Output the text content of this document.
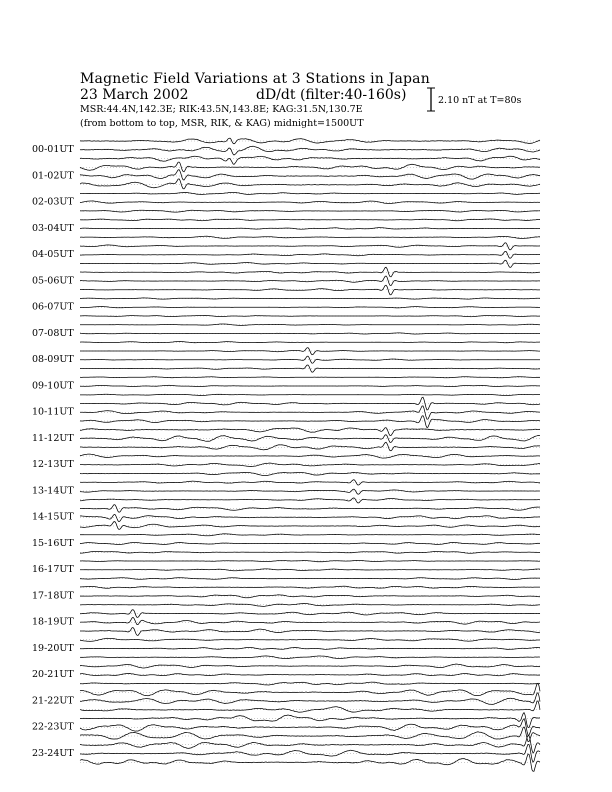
Magnetic Field Variations at 3 Stations in Japan
23 March 2002	dD/dt (filter:40-160s)
MSR:44.4N,142.3E; RIK:43.5N,143.8E; KAG:31.5N,130.7E
(from bottom to top, MSR, RIK, & KAG) midnight=1500UT
2.10 nT at T=80s
00-01UT
01-02UT
02-03UT
03-04UT
04-05UT
05-06UT
06-07UT
07-08UT
08-09UT
09-10UT
10-11UT
11-12UT
12-13UT
13-14UT
14-15UT
15-16UT
16-17UT
17-18UT
18-19UT
19-20UT
20-21UT
21-22UT
22-23UT
23-24UT
